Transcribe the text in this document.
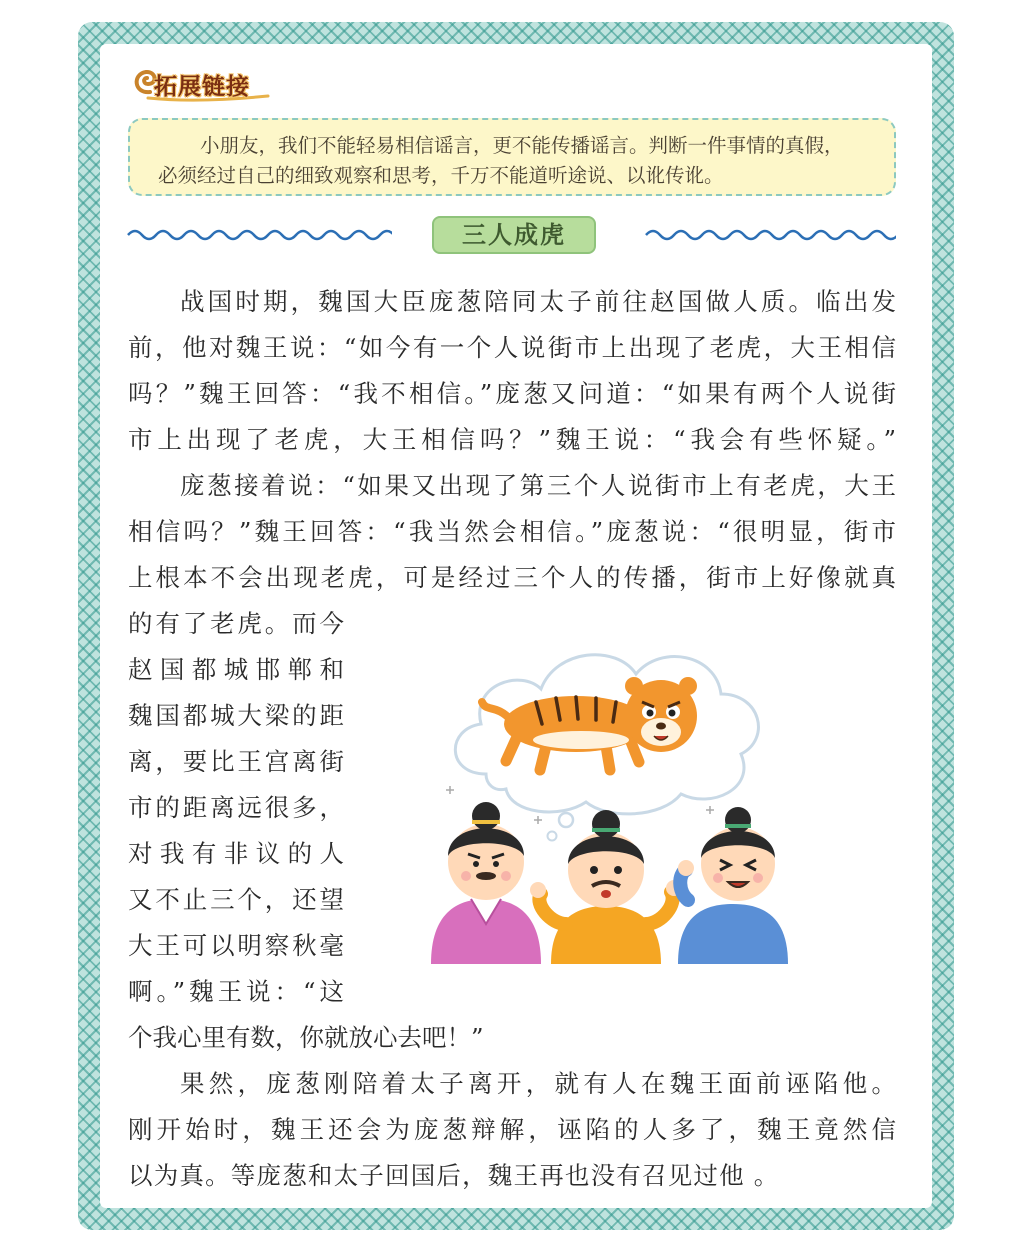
拓展链接
小朋友，我们不能轻易相信谣言，更不能传播谣言。判断一件事情的真假，
必须经过自己的细致观察和思考，千万不能道听途说、以讹传讹。
三人成虎
战国时期，魏国大臣庞葱陪同太子前往赵国做人质。临出发
前，他对魏王说：“如今有一个人说街市上出现了老虎，大王相信
吗？”魏王回答：“我不相信。”庞葱又问道：“如果有两个人说街
市上出现了老虎，大王相信吗？”魏王说：“我会有些怀疑。”
庞葱接着说：“如果又出现了第三个人说街市上有老虎，大王
相信吗？”魏王回答：“我当然会相信。”庞葱说：“很明显，街市
上根本不会出现老虎，可是经过三个人的传播，街市上好像就真
的有了老虎。而今
赵国都城邯郸和
魏国都城大梁的距
离，要比王宫离街
市的距离远很多，
对我有非议的人
又不止三个，还望
大王可以明察秋毫
啊。”魏王说：“这
个我心里有数，你就放心去吧！”
果然，庞葱刚陪着太子离开，就有人在魏王面前诬陷他。
刚开始时，魏王还会为庞葱辩解，诬陷的人多了，魏王竟然信
以为真。等庞葱和太子回国后，魏王再也没有召见过他 。
